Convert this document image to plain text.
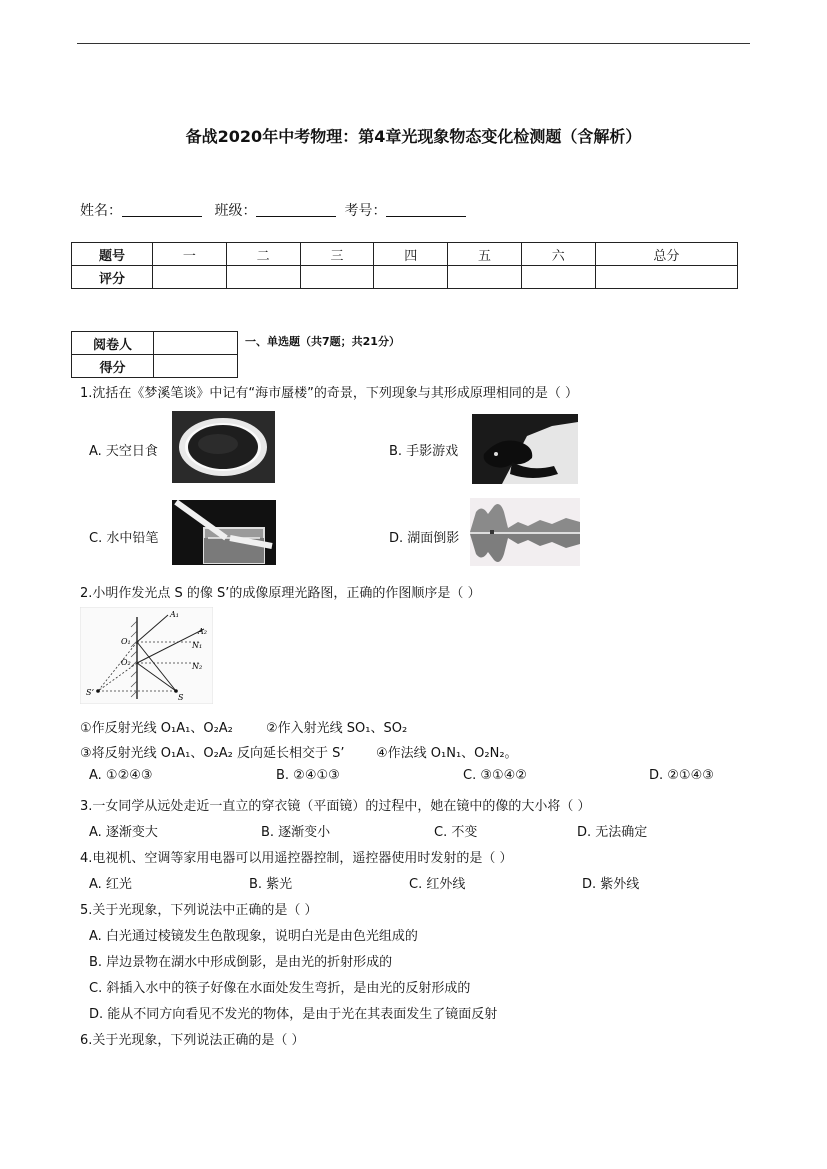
备战2020年中考物理：第4章光现象物态变化检测题（含解析）
姓名：	班级：	考号：
题号	一	二	三	四	五	六	总分
评分							
阅卷人	
得分	
一、单选题（共7题；共21分）
1.沈括在《梦溪笔谈》中记有“海市蜃楼”的奇景，下列现象与其形成原理相同的是（ ）
A. 天空日食	B. 手影游戏
C. 水中铅笔	D. 湖面倒影
2.小明作发光点 S 的像 S’的成像原理光路图，正确的作图顺序是（ ）
A₁
A₂
O₁
O₂
N₁
N₂
S
S’
①作反射光线 O₁A₁、O₂A₂	②作入射光线 SO₁、SO₂
③将反射光线 O₁A₁、O₂A₂ 反向延长相交于 S’ ④作法线 O₁N₁、O₂N₂。
A. ①②④③	B. ②④①③	C. ③①④②	D. ②①④③
3.一女同学从远处走近一直立的穿衣镜（平面镜）的过程中，她在镜中的像的大小将（ ）
A. 逐渐变大	B. 逐渐变小	C. 不变	D. 无法确定
4.电视机、空调等家用电器可以用遥控器控制，遥控器使用时发射的是（ ）
A. 红光	B. 紫光	C. 红外线	D. 紫外线
5.关于光现象，下列说法中正确的是（ ）
A. 白光通过棱镜发生色散现象，说明白光是由色光组成的
B. 岸边景物在湖水中形成倒影，是由光的折射形成的
C. 斜插入水中的筷子好像在水面处发生弯折，是由光的反射形成的
D. 能从不同方向看见不发光的物体，是由于光在其表面发生了镜面反射
6.关于光现象，下列说法正确的是（ ）
